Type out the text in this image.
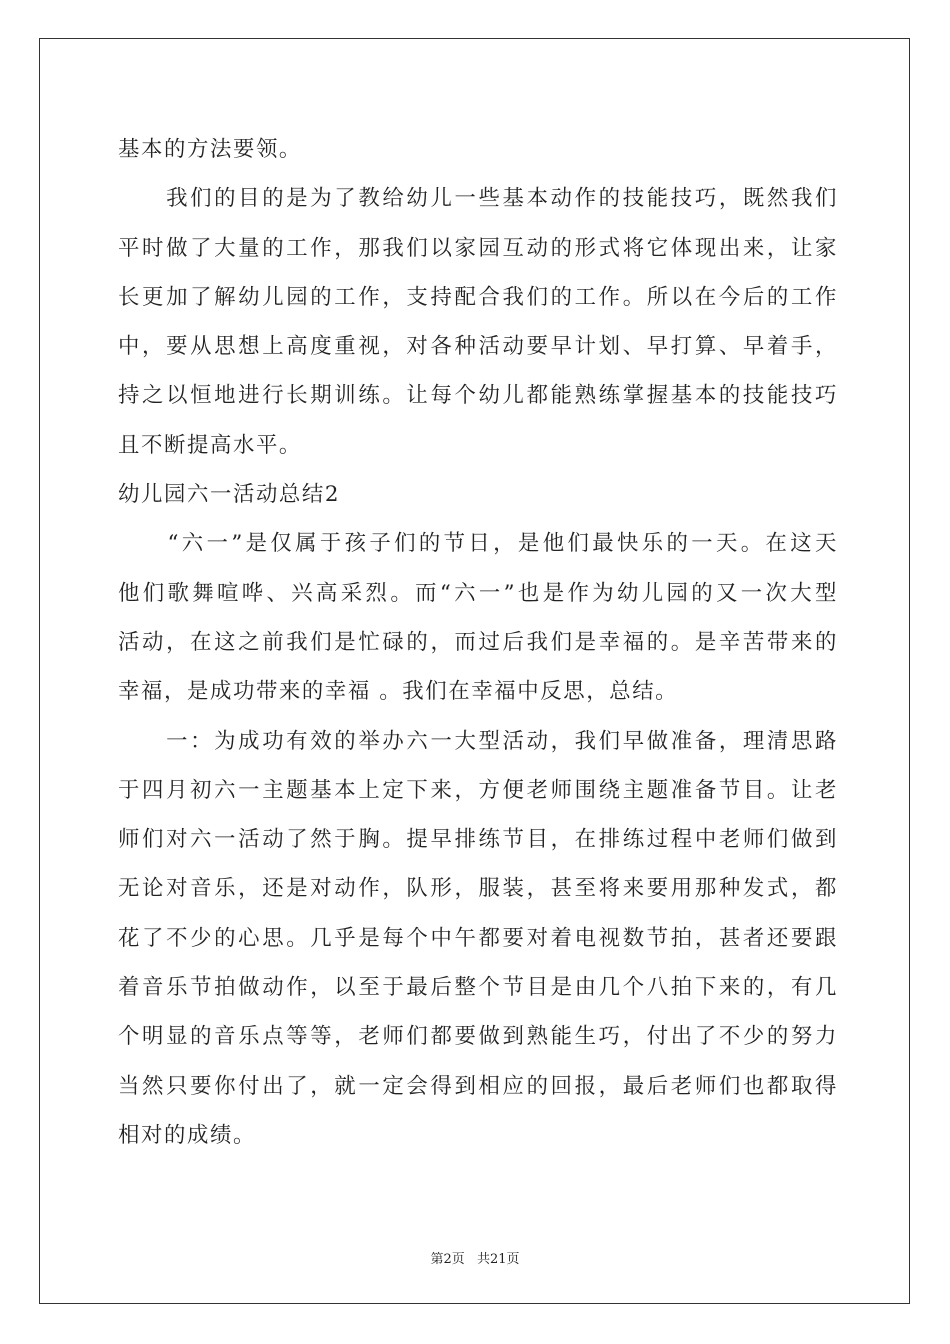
基本的方法要领。
　　我们的目的是为了教给幼儿一些基本动作的技能技巧，既然我们
平时做了大量的工作，那我们以家园互动的形式将它体现出来，让家
长更加了解幼儿园的工作，支持配合我们的工作。所以在今后的工作
中，要从思想上高度重视，对各种活动要早计划、早打算、早着手，
持之以恒地进行长期训练。让每个幼儿都能熟练掌握基本的技能技巧
且不断提高水平。
幼儿园六一活动总结2
　　“六一”是仅属于孩子们的节日，是他们最快乐的一天。在这天
他们歌舞喧哗、兴高采烈。而“六一”也是作为幼儿园的又一次大型
活动，在这之前我们是忙碌的，而过后我们是幸福的。是辛苦带来的
幸福，是成功带来的幸福 。我们在幸福中反思，总结。
　　一：为成功有效的举办六一大型活动，我们早做准备，理清思路
于四月初六一主题基本上定下来，方便老师围绕主题准备节目。让老
师们对六一活动了然于胸。提早排练节目，在排练过程中老师们做到
无论对音乐，还是对动作，队形，服装，甚至将来要用那种发式，都
花了不少的心思。几乎是每个中午都要对着电视数节拍，甚者还要跟
着音乐节拍做动作，以至于最后整个节目是由几个八拍下来的，有几
个明显的音乐点等等，老师们都要做到熟能生巧，付出了不少的努力
当然只要你付出了，就一定会得到相应的回报，最后老师们也都取得
相对的成绩。
第2页 共21页
